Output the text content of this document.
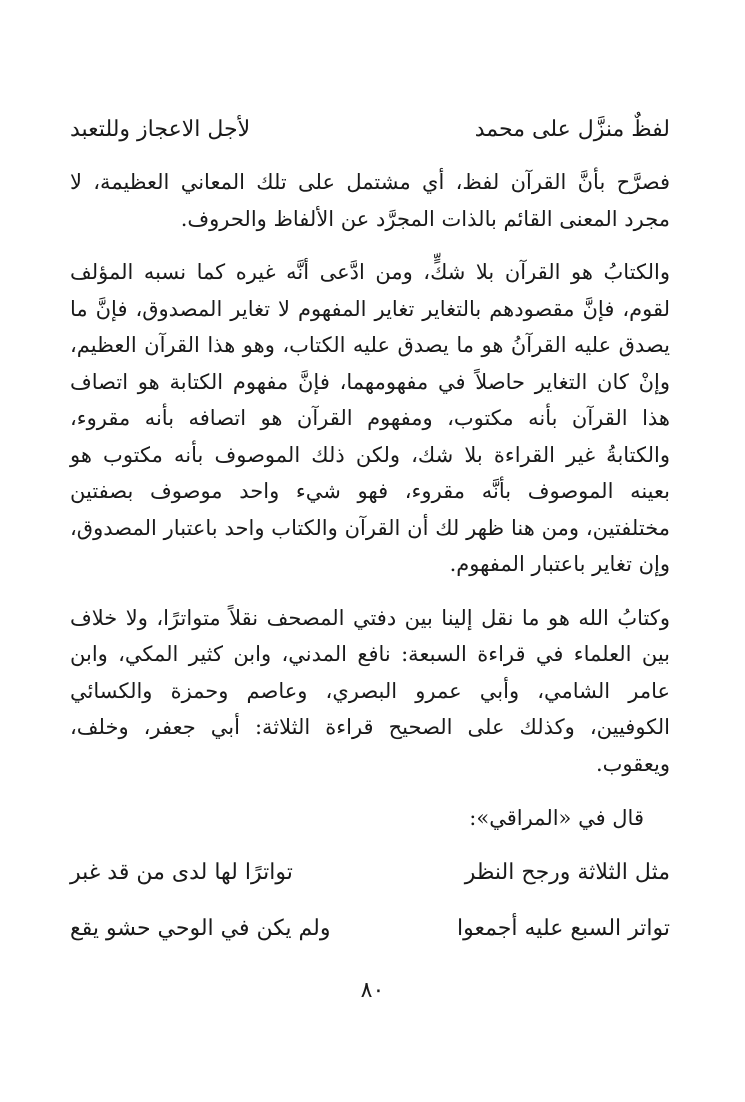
لفظٌ منزَّل على محمد
لأجل الاعجاز وللتعبد

فصرَّح بأنَّ القرآن لفظ، أي مشتمل على تلك المعاني العظيمة، لا مجرد المعنى القائم بالذات المجرَّد عن الألفاظ والحروف.

والكتابُ هو القرآن بلا شكٍّ، ومن ادَّعى أنَّه غيره كما نسبه المؤلف لقوم، فإنَّ مقصودهم بالتغاير تغاير المفهوم لا تغاير المصدوق، فإنَّ ما يصدق عليه القرآنُ هو ما يصدق عليه الكتاب، وهو هذا القرآن العظيم، وإنْ كان التغاير حاصلاً في مفهومهما، فإنَّ مفهوم الكتابة هو اتصاف هذا القرآن بأنه مكتوب، ومفهوم القرآن هو اتصافه بأنه مقروء، والكتابةُ غير القراءة بلا شك، ولكن ذلك الموصوف بأنه مكتوب هو بعينه الموصوف بأنَّه مقروء، فهو شيء واحد موصوف بصفتين مختلفتين، ومن هنا ظهر لك أن القرآن والكتاب واحد باعتبار المصدوق، وإن تغاير باعتبار المفهوم.

وكتابُ الله هو ما نقل إلينا بين دفتي المصحف نقلاً متواترًا، ولا خلاف بين العلماء في قراءة السبعة: نافع المدني، وابن كثير المكي، وابن عامر الشامي، وأبي عمرو البصري، وعاصم وحمزة والكسائي الكوفيين، وكذلك على الصحيح قراءة الثلاثة: أبي جعفر، وخلف، ويعقوب.

قال في «المراقي»:

مثل الثلاثة ورجح النظر
تواترًا لها لدى من قد غبر
تواتر السبع عليه أجمعوا
ولم يكن في الوحي حشو يقع
٨٠
